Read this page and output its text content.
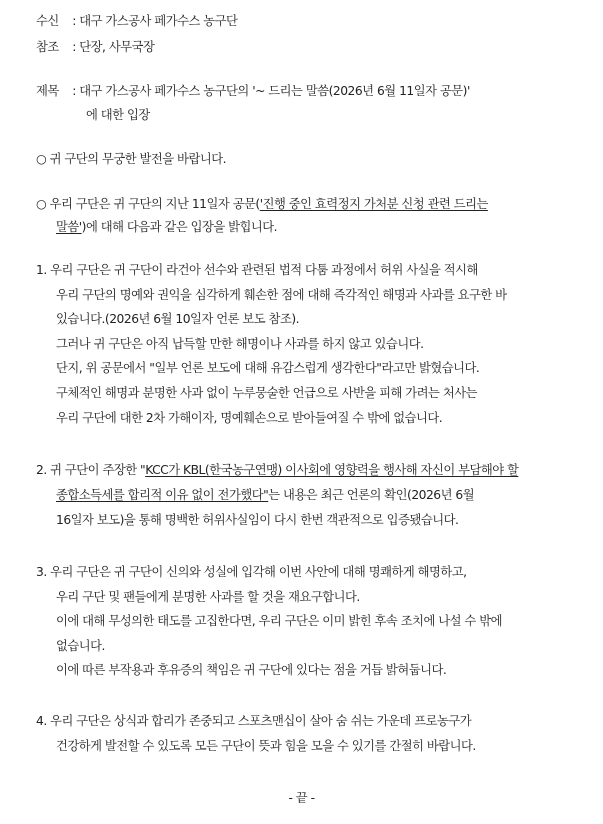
수신 : 대구 가스공사 페가수스 농구단
참조 : 단장, 사무국장
제목 : 대구 가스공사 페가수스 농구단의 '~ 드리는 말씀(2026년 6월 11일자 공문)'
에 대한 입장
○ 귀 구단의 무궁한 발전을 바랍니다.
○ 우리 구단은 귀 구단의 지난 11일자 공문('진행 중인 효력정지 가처분 신청 관련 드리는
말씀')에 대해 다음과 같은 입장을 밝힙니다.
1. 우리 구단은 귀 구단이 라건아 선수와 관련된 법적 다툼 과정에서 허위 사실을 적시해
우리 구단의 명예와 권익을 심각하게 훼손한 점에 대해 즉각적인 해명과 사과를 요구한 바
있습니다.(2026년 6월 10일자 언론 보도 참조).
그러나 귀 구단은 아직 납득할 만한 해명이나 사과를 하지 않고 있습니다.
단지, 위 공문에서 "일부 언론 보도에 대해 유감스럽게 생각한다"라고만 밝혔습니다.
구체적인 해명과 분명한 사과 없이 누루뭉술한 언급으로 사반을 피해 가려는 처사는
우리 구단에 대한 2차 가해이자, 명예훼손으로 받아들여질 수 밖에 없습니다.
2. 귀 구단이 주장한 "KCC가 KBL(한국농구연맹) 이사회에 영향력을 행사해 자신이 부담해야 할
종합소득세를 합리적 이유 없이 전가했다"는 내용은 최근 언론의 확인(2026년 6월
16일자 보도)을 통해 명백한 허위사실임이 다시 한번 객관적으로 입증됐습니다.
3. 우리 구단은 귀 구단이 신의와 성실에 입각해 이번 사안에 대해 명쾌하게 해명하고,
우리 구단 및 팬들에게 분명한 사과를 할 것을 재요구합니다.
이에 대해 무성의한 태도를 고집한다면, 우리 구단은 이미 밝힌 후속 조치에 나설 수 밖에
없습니다.
이에 따른 부작용과 후유증의 책임은 귀 구단에 있다는 점을 거듭 밝혀둡니다.
4. 우리 구단은 상식과 합리가 존중되고 스포츠맨십이 살아 숨 쉬는 가운데 프로농구가
건강하게 발전할 수 있도록 모든 구단이 뜻과 힘을 모을 수 있기를 간절히 바랍니다.
- 끝 -
